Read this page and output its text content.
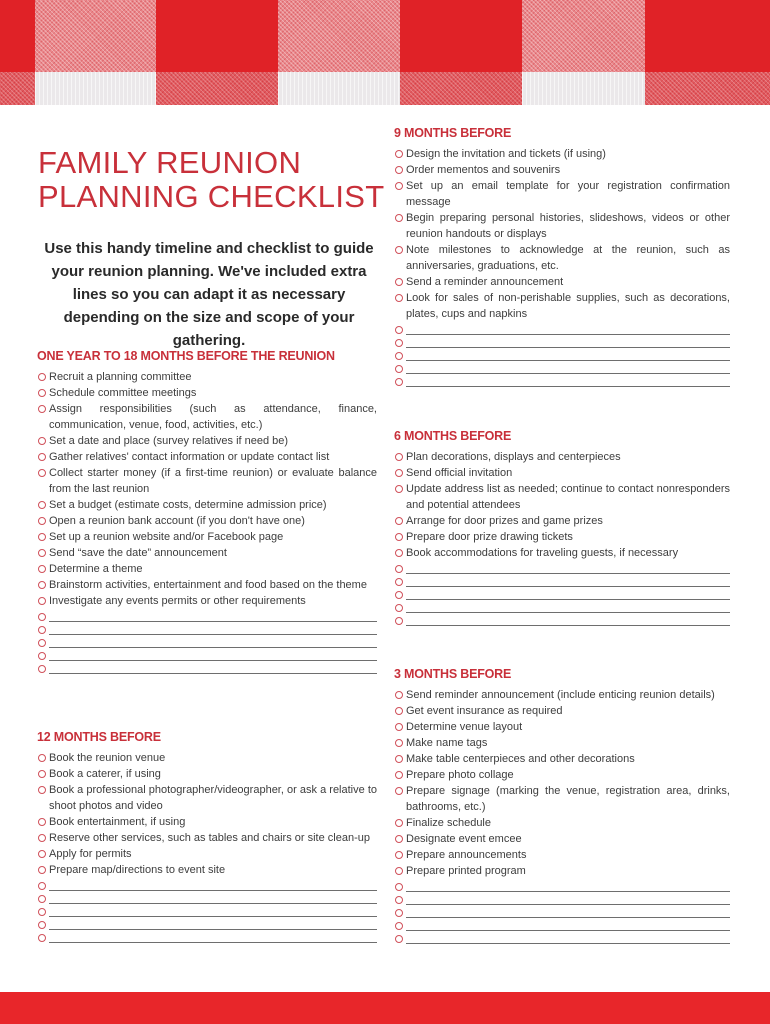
FAMILY REUNION
PLANNING CHECKLIST

Use this handy timeline and checklist to guide your reunion planning. We've included extra lines so you can adapt it as necessary depending on the size and scope of your gathering.

ONE YEAR TO 18 MONTHS BEFORE THE REUNION
Recruit a planning committee
Schedule committee meetings
Assign responsibilities (such as attendance, finance, communication, venue, food, activities, etc.)
Set a date and place (survey relatives if need be)
Gather relatives' contact information or update contact list
Collect starter money (if a first-time reunion) or evaluate balance from the last reunion
Set a budget (estimate costs, determine admission price)
Open a reunion bank account (if you don't have one)
Set up a reunion website and/or Facebook page
Send “save the date” announcement
Determine a theme
Brainstorm activities, entertainment and food based on the theme
Investigate any events permits or other requirements
12 MONTHS BEFORE
Book the reunion venue
Book a caterer, if using
Book a professional photographer/videographer, or ask a relative to shoot photos and video
Book entertainment, if using
Reserve other services, such as tables and chairs or site clean-up
Apply for permits
Prepare map/directions to event site
9 MONTHS BEFORE
Design the invitation and tickets (if using)
Order mementos and souvenirs
Set up an email template for your registration confirmation message
Begin preparing personal histories, slideshows, videos or other reunion handouts or displays
Note milestones to acknowledge at the reunion, such as anniversaries, graduations, etc.
Send a reminder announcement
Look for sales of non-perishable supplies, such as decorations, plates, cups and napkins
6 MONTHS BEFORE
Plan decorations, displays and centerpieces
Send official invitation
Update address list as needed; continue to contact nonresponders and potential attendees
Arrange for door prizes and game prizes
Prepare door prize drawing tickets
Book accommodations for traveling guests, if necessary
3 MONTHS BEFORE
Send reminder announcement (include enticing reunion details)
Get event insurance as required
Determine venue layout
Make name tags
Make table centerpieces and other decorations
Prepare photo collage
Prepare signage (marking the venue, registration area, drinks, bathrooms, etc.)
Finalize schedule
Designate event emcee
Prepare announcements
Prepare printed program
